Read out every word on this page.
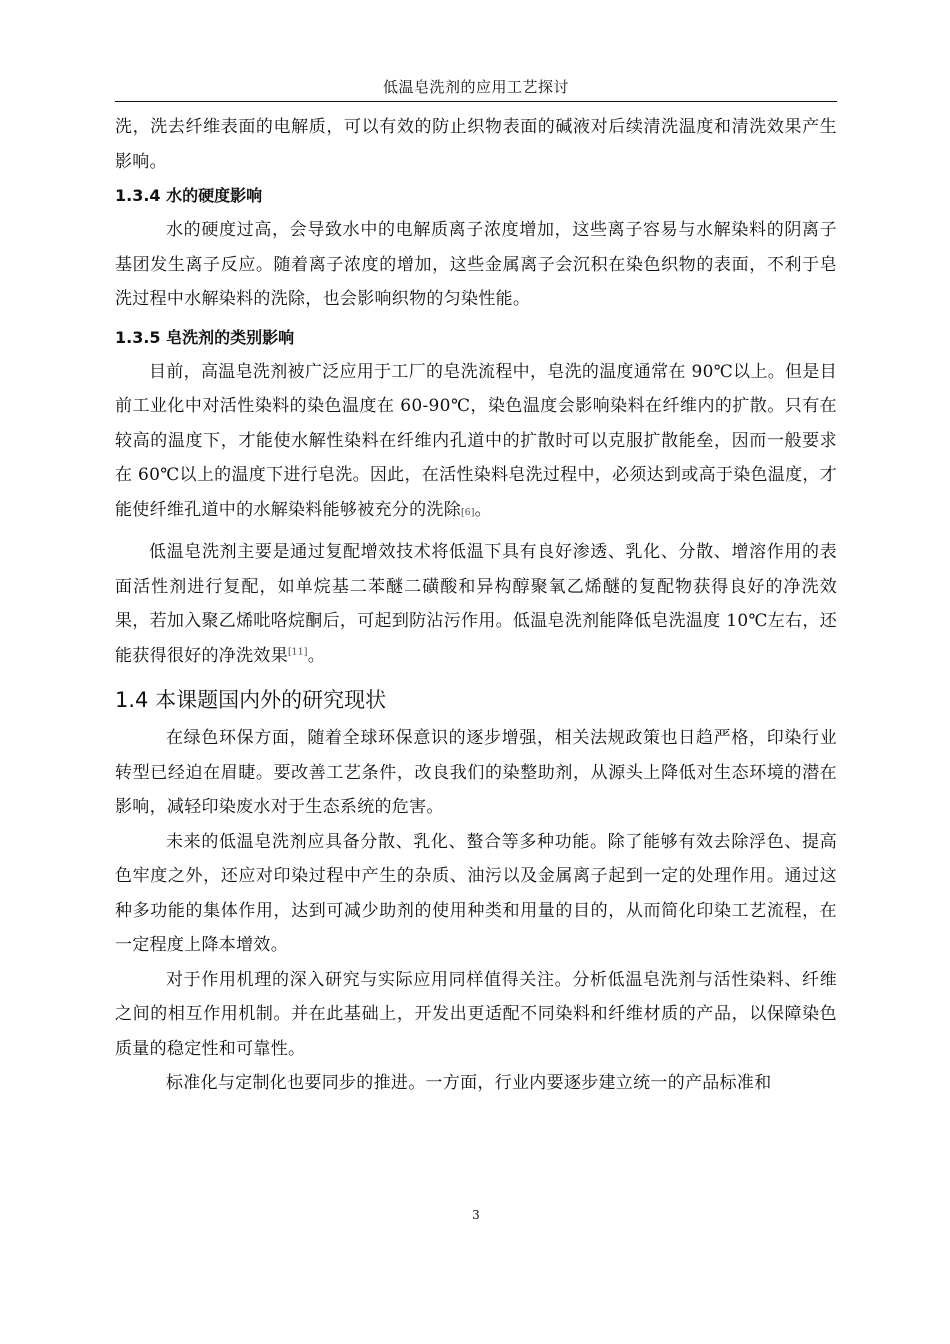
低温皂洗剂的应用工艺探讨

洗，洗去纤维表面的电解质，可以有效的防止织物表面的碱液对后续清洗温度和清洗效果产生影响。

1.3.4 水的硬度影响

水的硬度过高，会导致水中的电解质离子浓度增加，这些离子容易与水解染料的阴离子基团发生离子反应。随着离子浓度的增加，这些金属离子会沉积在染色织物的表面，不利于皂洗过程中水解染料的洗除，也会影响织物的匀染性能。

1.3.5 皂洗剂的类别影响

目前，高温皂洗剂被广泛应用于工厂的皂洗流程中，皂洗的温度通常在 90℃以上。但是目前工业化中对活性染料的染色温度在 60-90℃，染色温度会影响染料在纤维内的扩散。只有在较高的温度下，才能使水解性染料在纤维内孔道中的扩散时可以克服扩散能垒，因而一般要求在 60℃以上的温度下进行皂洗。因此，在活性染料皂洗过程中，必须达到或高于染色温度，才能使纤维孔道中的水解染料能够被充分的洗除[6]。

低温皂洗剂主要是通过复配增效技术将低温下具有良好渗透、乳化、分散、增溶作用的表面活性剂进行复配，如单烷基二苯醚二磺酸和异构醇聚氧乙烯醚的复配物获得良好的净洗效果，若加入聚乙烯吡咯烷酮后，可起到防沾污作用。低温皂洗剂能降低皂洗温度 10℃左右，还能获得很好的净洗效果[11]。

1.4 本课题国内外的研究现状

在绿色环保方面，随着全球环保意识的逐步增强，相关法规政策也日趋严格，印染行业转型已经迫在眉睫。要改善工艺条件，改良我们的染整助剂，从源头上降低对生态环境的潜在影响，减轻印染废水对于生态系统的危害。

未来的低温皂洗剂应具备分散、乳化、螯合等多种功能。除了能够有效去除浮色、提高色牢度之外，还应对印染过程中产生的杂质、油污以及金属离子起到一定的处理作用。通过这种多功能的集体作用，达到可减少助剂的使用种类和用量的目的，从而简化印染工艺流程，在一定程度上降本增效。

对于作用机理的深入研究与实际应用同样值得关注。分析低温皂洗剂与活性染料、纤维之间的相互作用机制。并在此基础上，开发出更适配不同染料和纤维材质的产品，以保障染色质量的稳定性和可靠性。

标准化与定制化也要同步的推进。一方面，行业内要逐步建立统一的产品标准和

3
